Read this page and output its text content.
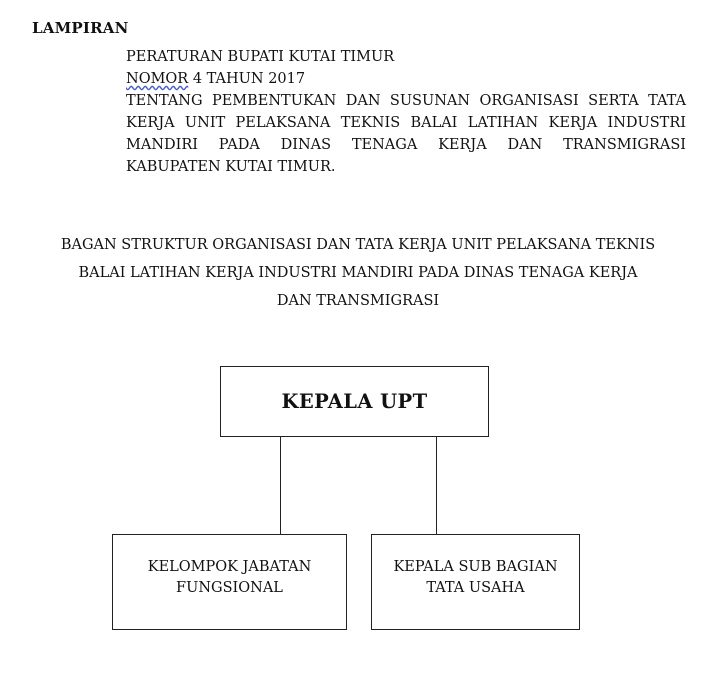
LAMPIRAN
PERATURAN BUPATI KUTAI TIMUR
NOMOR 4 TAHUN 2017
TENTANG PEMBENTUKAN DAN SUSUNAN ORGANISASI SERTA TATA KERJA UNIT PELAKSANA TEKNIS BALAI LATIHAN KERJA INDUSTRI MANDIRI PADA DINAS TENAGA KERJA DAN TRANSMIGRASI KABUPATEN KUTAI TIMUR.
BAGAN STRUKTUR ORGANISASI DAN TATA KERJA UNIT PELAKSANA TEKNIS
BALAI LATIHAN KERJA INDUSTRI MANDIRI PADA DINAS TENAGA KERJA
DAN TRANSMIGRASI
KEPALA UPT
KELOMPOK JABATAN
FUNGSIONAL
KEPALA SUB BAGIAN
TATA USAHA
